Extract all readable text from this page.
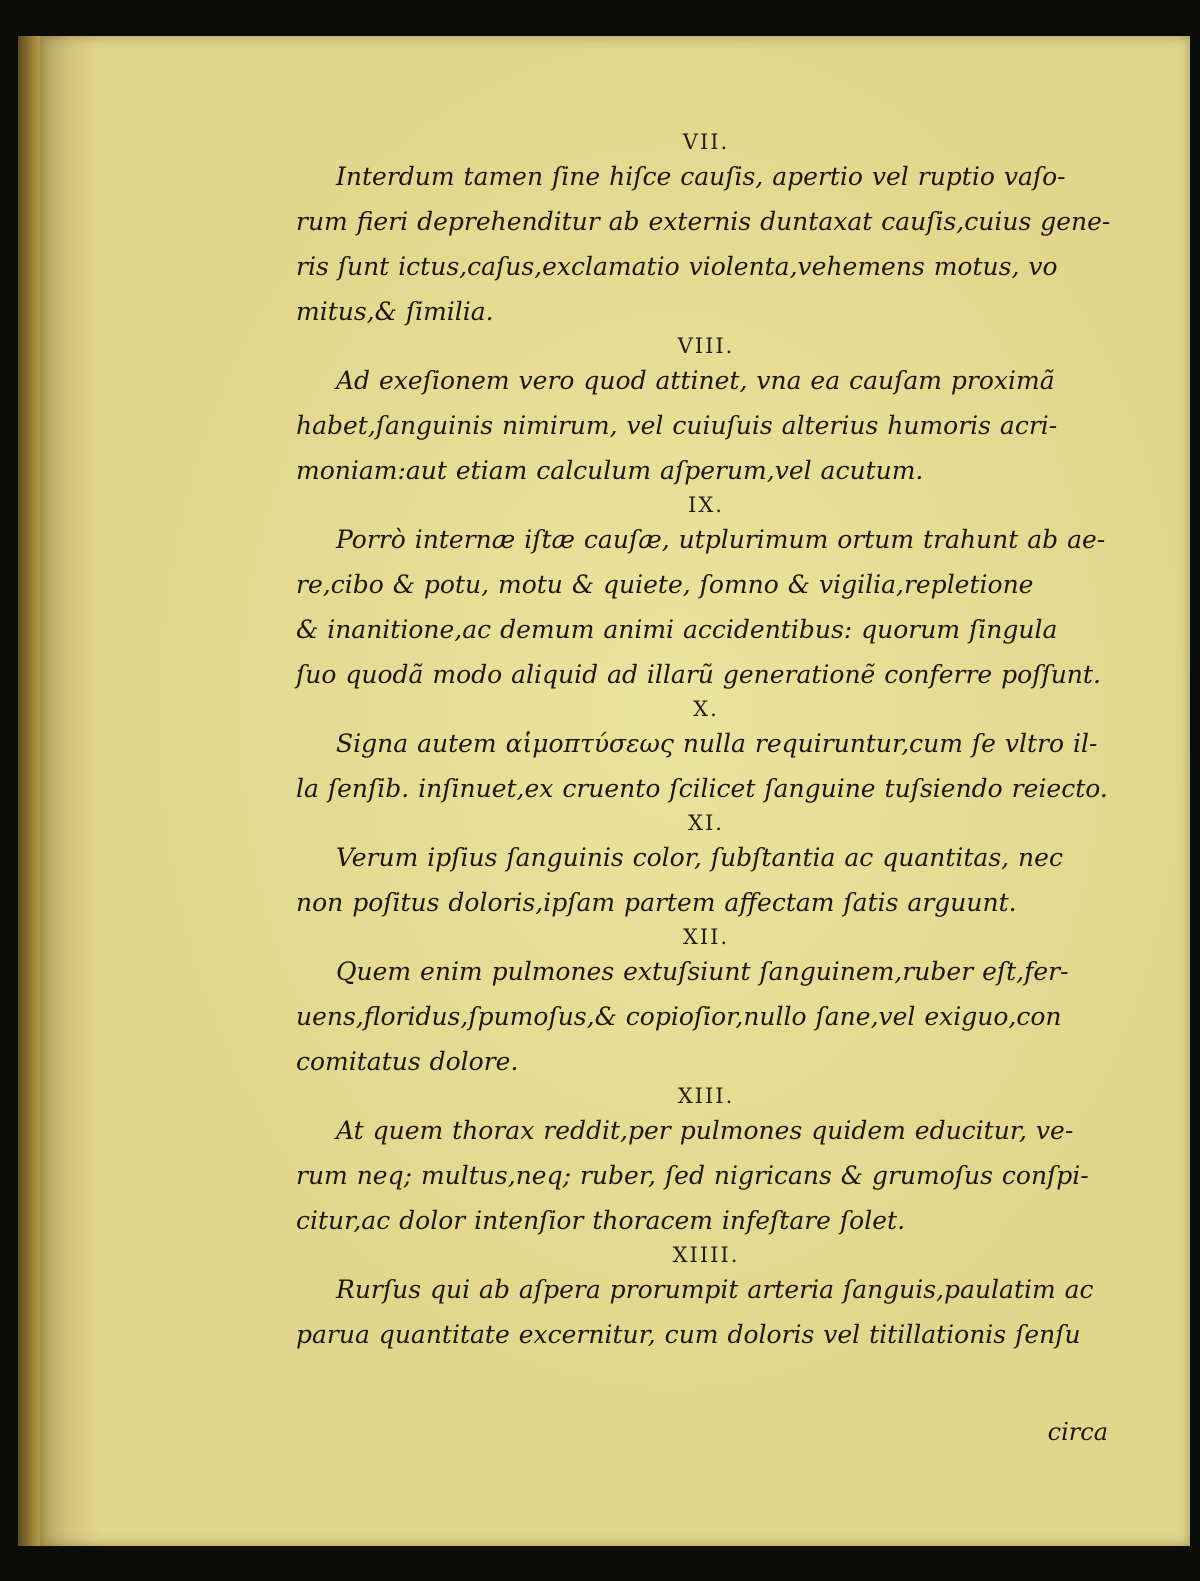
VII.

Interdum tamen ſine hiſce cauſis, apertio vel ruptio vaſo-
rum fieri deprehenditur ab externis duntaxat cauſis,cuius gene-
ris ſunt ictus,caſus,exclamatio violenta,vehemens motus, vo
mitus,& ſimilia.

VIII.

Ad exeſionem vero quod attinet, vna ea cauſam proximã
habet,ſanguinis nimirum, vel cuiuſuis alterius humoris acri-
moniam:aut etiam calculum aſperum,vel acutum.

IX.

Porrò internæ iſtæ cauſæ, utplurimum ortum trahunt ab ae-
re,cibo & potu, motu & quiete, ſomno & vigilia,repletione
& inanitione,ac demum animi accidentibus: quorum ſingula
ſuo quodã modo aliquid ad illarũ generationẽ conferre poſſunt.

X.

Signa autem αἱμοπτύσεως nulla requiruntur,cum ſe vltro il-
la ſenſib. inſinuet,ex cruento ſcilicet ſanguine tuſsiendo reiecto.

XI.

Verum ipſius ſanguinis color, ſubſtantia ac quantitas, nec
non poſitus doloris,ipſam partem affectam ſatis arguunt.

XII.

Quem enim pulmones extuſsiunt ſanguinem,ruber eſt,fer-
uens,floridus,ſpumoſus,& copioſior,nullo ſane,vel exiguo,con
comitatus dolore.

XIII.

At quem thorax reddit,per pulmones quidem educitur, ve-
rum neq; multus,neq; ruber, ſed nigricans & grumoſus conſpi-
citur,ac dolor intenſior thoracem infeſtare ſolet.

XIIII.

Rurſus qui ab aſpera prorumpit arteria ſanguis,paulatim ac
parua quantitate excernitur, cum doloris vel titillationis ſenſu

circa
